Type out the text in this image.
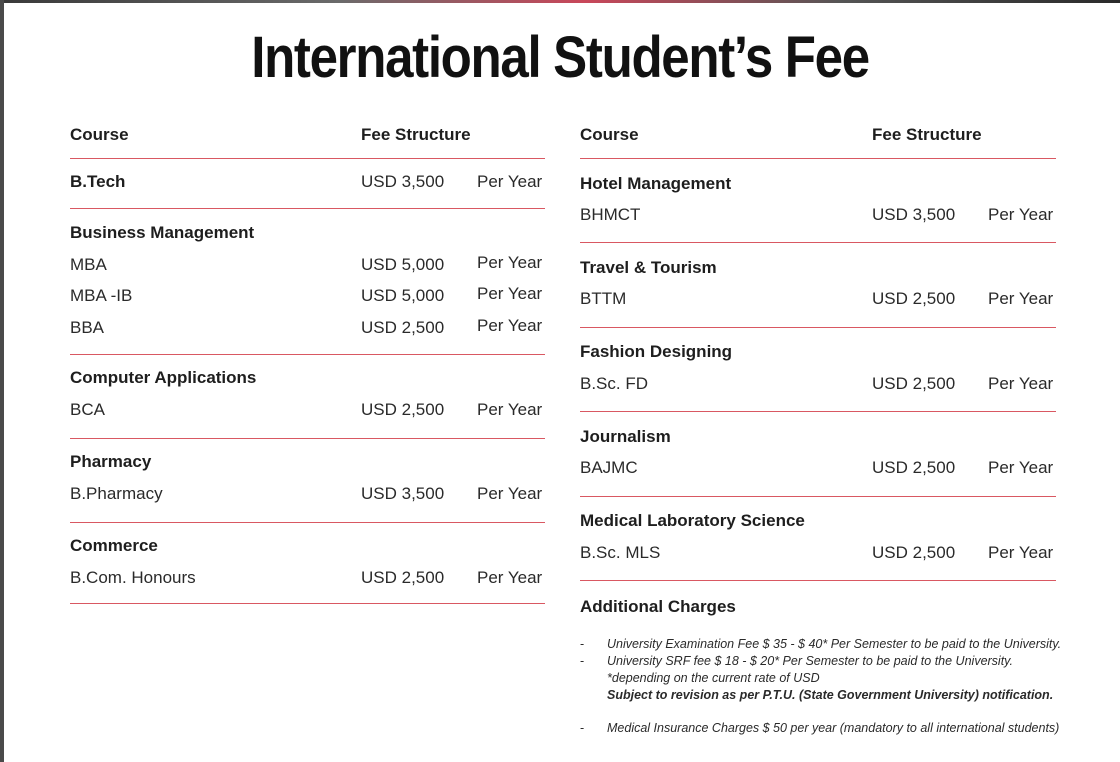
International Student’s Fee
Course	Fee Structure
B.Tech	USD 3,500 Per Year
Business Management
MBA	USD 5,000 Per Year
MBA -IB	USD 5,000 Per Year
BBA	USD 2,500 Per Year
Computer Applications
BCA	USD 2,500 Per Year
Pharmacy
B.Pharmacy	USD 3,500 Per Year
Commerce
B.Com. Honours	USD 2,500 Per Year
Course	Fee Structure
Hotel Management
BHMCT	USD 3,500 Per Year
Travel & Tourism
BTTM	USD 2,500 Per Year
Fashion Designing
B.Sc. FD	USD 2,500 Per Year
Journalism
BAJMC	USD 2,500 Per Year
Medical Laboratory Science
B.Sc. MLS	USD 2,500 Per Year
Additional Charges
- University Examination Fee $ 35 - $ 40* Per Semester to be paid to the University.
- University SRF fee $ 18 - $ 20* Per Semester to be paid to the University.
*depending on the current rate of USD
Subject to revision as per P.T.U. (State Government University) notification.
- Medical Insurance Charges $ 50 per year (mandatory to all international students)
